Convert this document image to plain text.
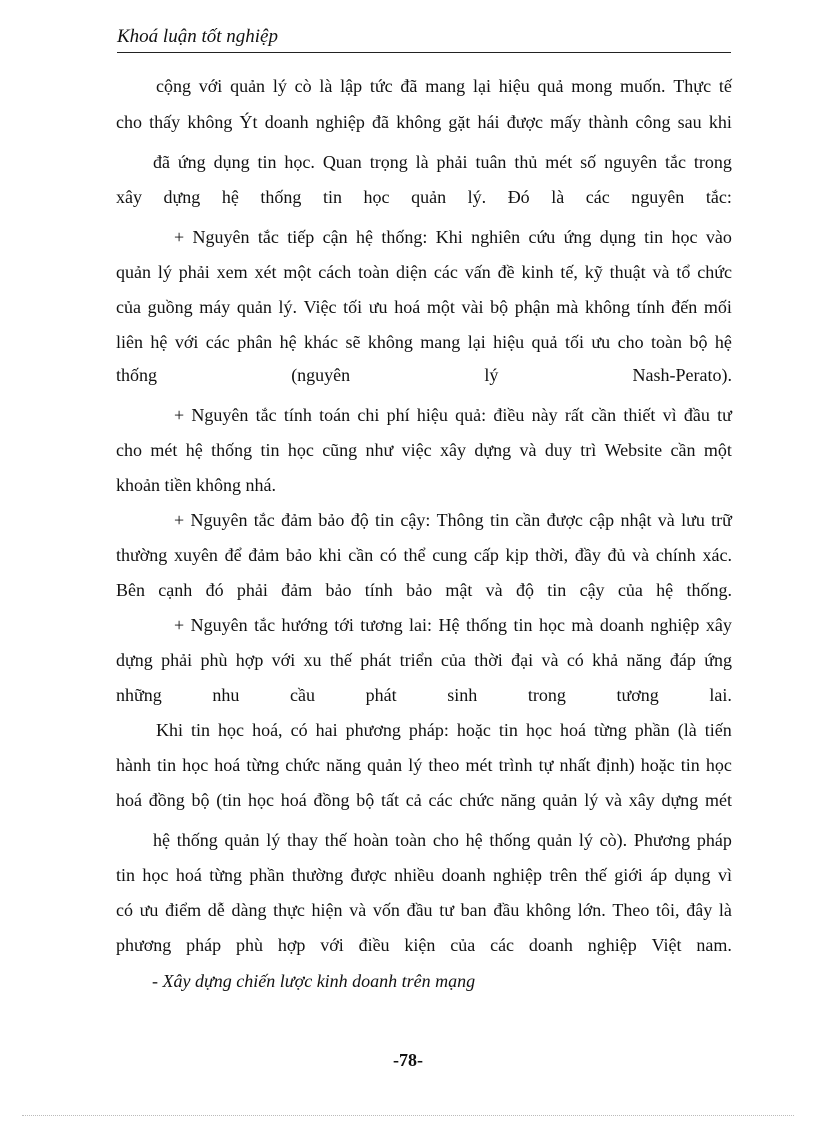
Khoá luận tốt nghiệp
cộng với quản lý cò là lập tức đã mang lại hiệu quả mong muốn. Thực tế
cho thấy không Ýt doanh nghiệp đã không gặt hái được mấy thành công sau khi
đã ứng dụng tin học. Quan trọng là phải tuân thủ mét số nguyên tắc trong
xây dựng hệ thống tin học quản lý. Đó là các nguyên tắc:
+ Nguyên tắc tiếp cận hệ thống: Khi nghiên cứu ứng dụng tin học vào
quản lý phải xem xét một cách toàn diện các vấn đề kinh tế, kỹ thuật và tổ chức
của guồng máy quản lý. Việc tối ưu hoá một vài bộ phận mà không tính đến mối
liên hệ với các phân hệ khác sẽ không mang lại hiệu quả tối ưu cho toàn bộ hệ
thống	(nguyên	lý	Nash-Perato).
+ Nguyên tắc tính toán chi phí hiệu quả: điều này rất cần thiết vì đầu tư
cho mét hệ thống tin học cũng như việc xây dựng và duy trì Website cần một
khoản tiền không nhá.
+ Nguyên tắc đảm bảo độ tin cậy: Thông tin cần được cập nhật và lưu trữ
thường xuyên để đảm bảo khi cần có thể cung cấp kịp thời, đầy đủ và chính xác.
Bên cạnh đó phải đảm bảo tính bảo mật và độ tin cậy của hệ thống.
+ Nguyên tắc hướng tới tương lai: Hệ thống tin học mà doanh nghiệp xây
dựng phải phù hợp với xu thế phát triển của thời đại và có khả năng đáp ứng
những	nhu	cầu	phát	sinh	trong	tương	lai.
Khi tin học hoá, có hai phương pháp: hoặc tin học hoá từng phần (là tiến
hành tin học hoá từng chức năng quản lý theo mét trình tự nhất định) hoặc tin học
hoá đồng bộ (tin học hoá đồng bộ tất cả các chức năng quản lý và xây dựng mét
hệ thống quản lý thay thế hoàn toàn cho hệ thống quản lý cò). Phương pháp
tin học hoá từng phần thường được nhiều doanh nghiệp trên thế giới áp dụng vì
có ưu điểm dễ dàng thực hiện và vốn đầu tư ban đầu không lớn. Theo tôi, đây là
phương pháp phù hợp với điều kiện của các doanh nghiệp Việt nam.
- Xây dựng chiến lược kinh doanh trên mạng
-78-
